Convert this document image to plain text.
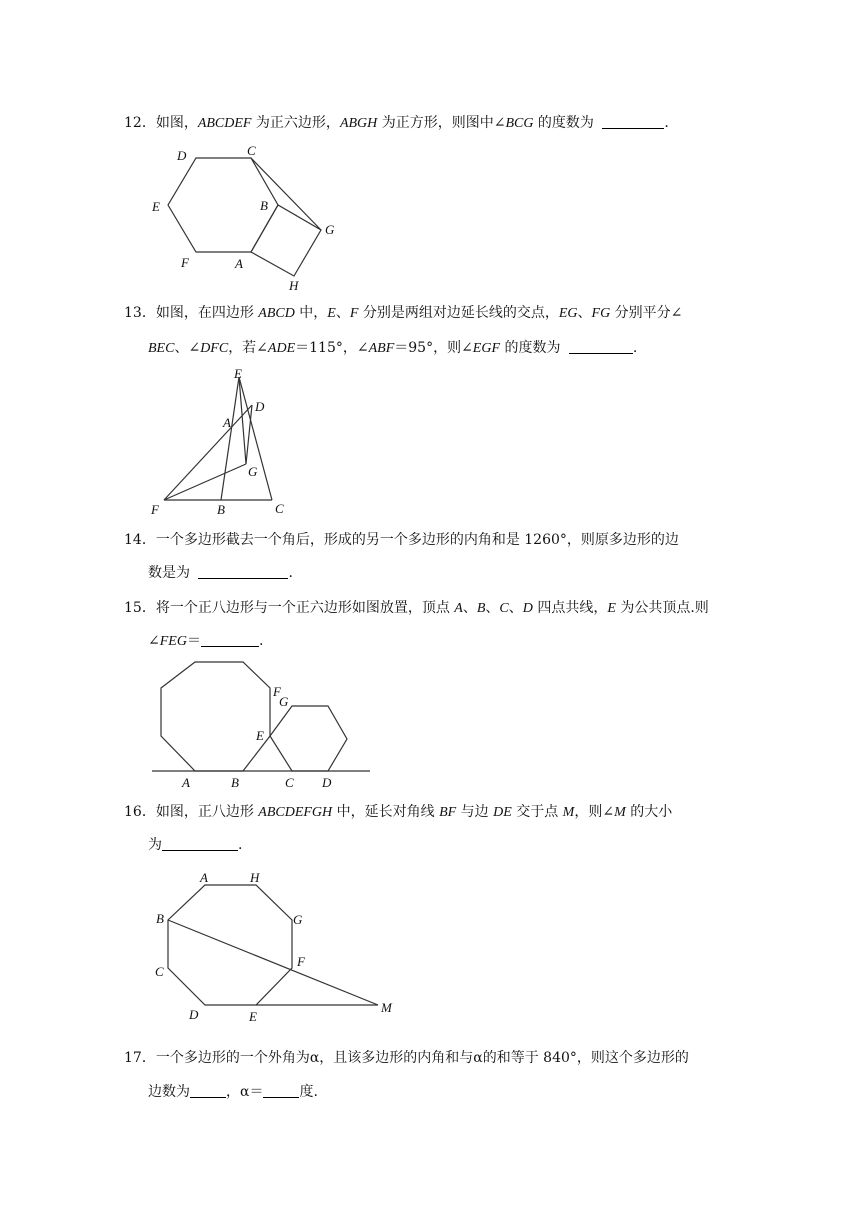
12．如图，ABCDEF 为正六边形，ABGH 为正方形，则图中∠BCG 的度数为	.
D	C
E	B
G
F	A
H
13．如图，在四边形 ABCD 中，E、F 分别是两组对边延长线的交点，EG、FG 分别平分∠
BEC、∠DFC，若∠ADE＝115°，∠ABF＝95°，则∠EGF 的度数为	.
E
D
A
G
F	B	C
14．一个多边形截去一个角后，形成的另一个多边形的内角和是 1260°，则原多边形的边
数是为	.
15．将一个正八边形与一个正六边形如图放置，顶点 A、B、C、D 四点共线，E 为公共顶点.则
∠FEG＝	.
F
G
E
A	B	C D
16．如图，正八边形 ABCDEFGH 中，延长对角线 BF 与边 DE 交于点 M，则∠M 的大小
为	.
A	H
B	G
F
C
D	E
M
17．一个多边形的一个外角为α，且该多边形的内角和与α的和等于 840°，则这个多边形的
边数为	，α＝	度.
